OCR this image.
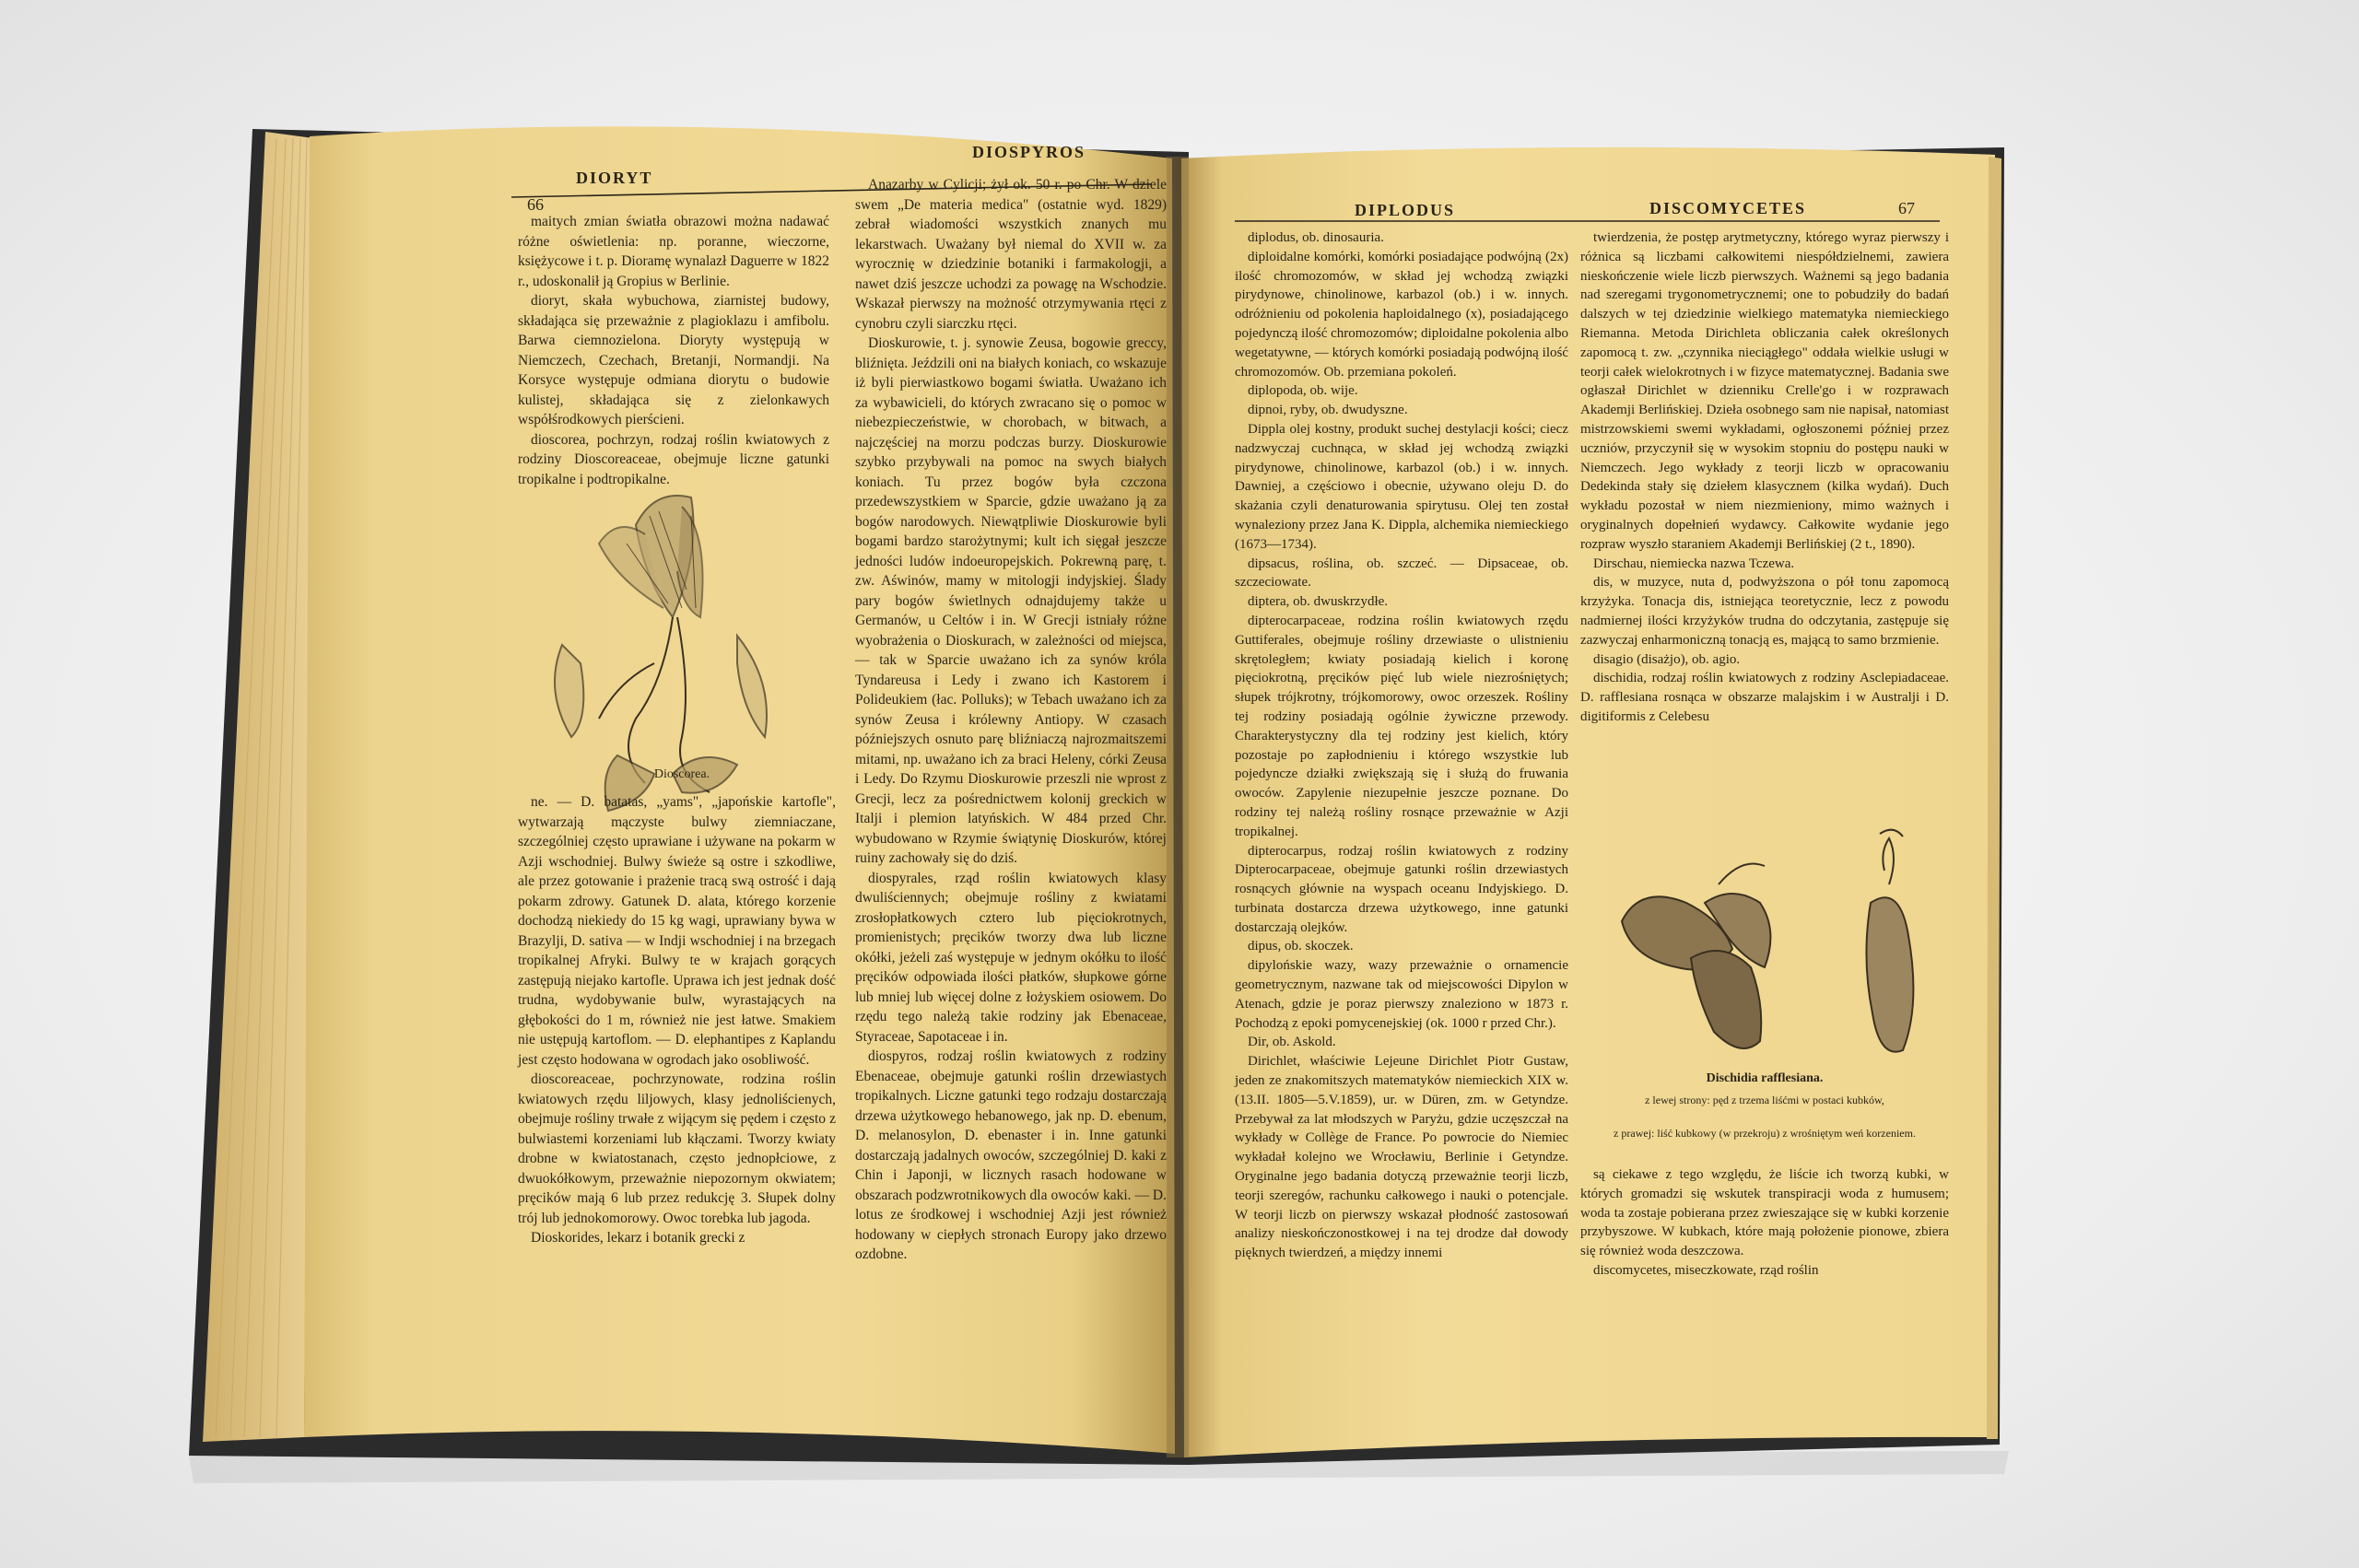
DIORYT
DIOSPYROS
66

maitych zmian światła obrazowi można nadawać różne oświetlenia: np. poranne, wieczorne, księżycowe i t. p. Dioramę wynalazł Daguerre w 1822 r., udoskonalił ją Gropius w Berlinie.

dioryt, skała wybuchowa, ziarnistej budowy, składająca się przeważnie z plagioklazu i amfibolu. Barwa ciemnozielona. Dioryty występują w Niemczech, Czechach, Bretanji, Normandji. Na Korsyce występuje odmiana diorytu o budowie kulistej, składająca się z zielonkawych współśrodkowych pierścieni.

dioscorea, pochrzyn, rodzaj roślin kwiatowych z rodziny Dioscoreaceae, obejmuje liczne gatunki tropikalne i podtropikalne.

Dioscorea.

ne. — D. batatas, „yams", „japońskie kartofle", wytwarzają mączyste bulwy ziemniaczane, szczególniej często uprawiane i używane na pokarm w Azji wschodniej. Bulwy świeże są ostre i szkodliwe, ale przez gotowanie i prażenie tracą swą ostrość i dają pokarm zdrowy. Gatunek D. alata, którego korzenie dochodzą niekiedy do 15 kg wagi, uprawiany bywa w Brazylji, D. sativa — w Indji wschodniej i na brzegach tropikalnej Afryki. Bulwy te w krajach gorących zastępują niejako kartofle. Uprawa ich jest jednak dość trudna, wydobywanie bulw, wyrastających na głębokości do 1 m, również nie jest łatwe. Smakiem nie ustępują kartoflom. — D. elephantipes z Kaplandu jest często hodowana w ogrodach jako osobliwość.

dioscoreaceae, pochrzynowate, rodzina roślin kwiatowych rzędu liljowych, klasy jednoliścienych, obejmuje rośliny trwałe z wijącym się pędem i często z bulwiastemi korzeniami lub kłączami. Tworzy kwiaty drobne w kwiatostanach, często jednopłciowe, z dwuokółkowym, przeważnie niepozornym okwiatem; pręcików mają 6 lub przez redukcję 3. Słupek dolny trój lub jednokomorowy. Owoc torebka lub jagoda.

Dioskorides, lekarz i botanik grecki z

Anazarby w Cylicji; żył ok. 50 r. po Chr. W dziele swem „De materia medica" (ostatnie wyd. 1829) zebrał wiadomości wszystkich znanych mu lekarstwach. Uważany był niemal do XVII w. za wyrocznię w dziedzinie botaniki i farmakologji, a nawet dziś jeszcze uchodzi za powagę na Wschodzie. Wskazał pierwszy na możność otrzymywania rtęci z cynobru czyli siarczku rtęci.

Dioskurowie, t. j. synowie Zeusa, bogowie greccy, bliźnięta. Jeździli oni na białych koniach, co wskazuje iż byli pierwiastkowo bogami światła. Uważano ich za wybawicieli, do których zwracano się o pomoc w niebezpieczeństwie, w chorobach, w bitwach, a najczęściej na morzu podczas burzy. Dioskurowie szybko przybywali na pomoc na swych białych koniach. Tu przez bogów była czczona przedewszystkiem w Sparcie, gdzie uważano ją za bogów narodowych. Niewątpliwie Dioskurowie byli bogami bardzo starożytnymi; kult ich sięgał jeszcze jedności ludów indoeuropejskich. Pokrewną parę, t. zw. Aświnów, mamy w mitologji indyjskiej. Ślady pary bogów świetlnych odnajdujemy także u Germanów, u Celtów i in. W Grecji istniały różne wyobrażenia o Dioskurach, w zależności od miejsca, — tak w Sparcie uważano ich za synów króla Tyndareusa i Ledy i zwano ich Kastorem i Polideukiem (łac. Polluks); w Tebach uważano ich za synów Zeusa i królewny Antiopy. W czasach późniejszych osnuto parę bliźniaczą najrozmaitszemi mitami, np. uważano ich za braci Heleny, córki Zeusa i Ledy. Do Rzymu Dioskurowie przeszli nie wprost z Grecji, lecz za pośrednictwem kolonij greckich w Italji i plemion latyńskich. W 484 przed Chr. wybudowano w Rzymie świątynię Dioskurów, której ruiny zachowały się do dziś.

diospyrales, rząd roślin kwiatowych klasy dwuliściennych; obejmuje rośliny z kwiatami zrosłopłatkowych cztero lub pięciokrotnych, promienistych; pręcików tworzy dwa lub liczne okółki, jeżeli zaś występuje w jednym okółku to ilość pręcików odpowiada ilości płatków, słupkowe górne lub mniej lub więcej dolne z łożyskiem osiowem. Do rzędu tego należą takie rodziny jak Ebenaceae, Styraceae, Sapotaceae i in.

diospyros, rodzaj roślin kwiatowych z rodziny Ebenaceae, obejmuje gatunki roślin drzewiastych tropikalnych. Liczne gatunki tego rodzaju dostarczają drzewa użytkowego hebanowego, jak np. D. ebenum, D. melanosylon, D. ebenaster i in. Inne gatunki dostarczają jadalnych owoców, szczególniej D. kaki z Chin i Japonji, w licznych rasach hodowane w obszarach podzwrotnikowych dla owoców kaki. — D. lotus ze środkowej i wschodniej Azji jest również hodowany w ciepłych stronach Europy jako drzewo ozdobne.

DIPLODUS	DISCOMYCETES	67

diplodus, ob. dinosauria.

diploidalne komórki, komórki posiadające podwójną (2x) ilość chromozomów, w skład jej wchodzą związki pirydynowe, chinolinowe, karbazol (ob.) i w. innych. odróżnieniu od pokolenia haploidalnego (x), posiadającego pojedynczą ilość chromozomów; diploidalne pokolenia albo wegetatywne, — których komórki posiadają podwójną ilość chromozomów. Ob. przemiana pokoleń.

diplopoda, ob. wije.

dipnoi, ryby, ob. dwudyszne.

Dippla olej kostny, produkt suchej destylacji kości; ciecz nadzwyczaj cuchnąca, w skład jej wchodzą związki pirydynowe, chinolinowe, karbazol (ob.) i w. innych. Dawniej, a częściowo i obecnie, używano oleju D. do skażania czyli denaturowania spirytusu. Olej ten został wynaleziony przez Jana K. Dippla, alchemika niemieckiego (1673—1734).

dipsacus, roślina, ob. szczeć. — Dipsaceae, ob. szczeciowate.

diptera, ob. dwuskrzydłe.

dipterocarpaceae, rodzina roślin kwiatowych rzędu Guttiferales, obejmuje rośliny drzewiaste o ulistnieniu skrętoległem; kwiaty posiadają kielich i koronę pięciokrotną, pręcików pięć lub wiele niezrośniętych; słupek trójkrotny, trójkomorowy, owoc orzeszek. Rośliny tej rodziny posiadają ogólnie żywiczne przewody. Charakterystyczny dla tej rodziny jest kielich, który pozostaje po zapłodnieniu i którego wszystkie lub pojedyncze działki zwiększają się i służą do fruwania owoców. Zapylenie niezupełnie jeszcze poznane. Do rodziny tej należą rośliny rosnące przeważnie w Azji tropikalnej.

dipterocarpus, rodzaj roślin kwiatowych z rodziny Dipterocarpaceae, obejmuje gatunki roślin drzewiastych rosnących głównie na wyspach oceanu Indyjskiego. D. turbinata dostarcza drzewa użytkowego, inne gatunki dostarczają olejków.

dipus, ob. skoczek.

dipylońskie wazy, wazy przeważnie o ornamencie geometrycznym, nazwane tak od miejscowości Dipylon w Atenach, gdzie je poraz pierwszy znaleziono w 1873 r. Pochodzą z epoki pomycenejskiej (ok. 1000 r przed Chr.).

Dir, ob. Askold.

Dirichlet, właściwie Lejeune Dirichlet Piotr Gustaw, jeden ze znakomitszych matematyków niemieckich XIX w. (13.II. 1805—5.V.1859), ur. w Düren, zm. w Getyndze. Przebywał za lat młodszych w Paryżu, gdzie uczęszczał na wykłady w Collège de France. Po powrocie do Niemiec wykładał kolejno we Wrocławiu, Berlinie i Getyndze. Oryginalne jego badania dotyczą przeważnie teorji liczb, teorji szeregów, rachunku całkowego i nauki o potencjale. W teorji liczb on pierwszy wskazał płodność zastosowań analizy nieskończonostkowej i na tej drodze dał dowody pięknych twierdzeń, a między innemi

twierdzenia, że postęp arytmetyczny, którego wyraz pierwszy i różnica są liczbami całkowitemi niespółdzielnemi, zawiera nieskończenie wiele liczb pierwszych. Ważnemi są jego badania nad szeregami trygonometrycznemi; one to pobudziły do badań dalszych w tej dziedzinie wielkiego matematyka niemieckiego Riemanna. Metoda Dirichleta obliczania całek określonych zapomocą t. zw. „czynnika nieciągłego" oddała wielkie usługi w teorji całek wielokrotnych i w fizyce matematycznej. Badania swe ogłaszał Dirichlet w dzienniku Crelle'go i w rozprawach Akademji Berlińskiej. Dzieła osobnego sam nie napisał, natomiast mistrzowskiemi swemi wykładami, ogłoszonemi później przez uczniów, przyczynił się w wysokim stopniu do postępu nauki w Niemczech. Jego wykłady z teorji liczb w opracowaniu Dedekinda stały się dziełem klasycznem (kilka wydań). Duch wykładu pozostał w niem niezmieniony, mimo ważnych i oryginalnych dopełnień wydawcy. Całkowite wydanie jego rozpraw wyszło staraniem Akademji Berlińskiej (2 t., 1890).

Dirschau, niemiecka nazwa Tczewa.

dis, w muzyce, nuta d, podwyższona o pół tonu zapomocą krzyżyka. Tonacja dis, istniejąca teoretycznie, lecz z powodu nadmiernej ilości krzyżyków trudna do odczytania, zastępuje się zazwyczaj enharmoniczną tonacją es, mającą to samo brzmienie.

disagio (disażjo), ob. agio.

dischidia, rodzaj roślin kwiatowych z rodziny Asclepiadaceae. D. rafflesiana rosnąca w obszarze malajskim i w Australji i D. digitiformis z Celebesu

Dischidia rafflesiana.
z lewej strony: pęd z trzema liśćmi w postaci kubków,
z prawej: liść kubkowy (w przekroju) z wrośniętym weń korzeniem.

są ciekawe z tego względu, że liście ich tworzą kubki, w których gromadzi się wskutek transpiracji woda z humusem; woda ta zostaje pobierana przez zwieszające się w kubki korzenie przybyszowe. W kubkach, które mają położenie pionowe, zbiera się również woda deszczowa.

discomycetes, miseczkowate, rząd roślin
